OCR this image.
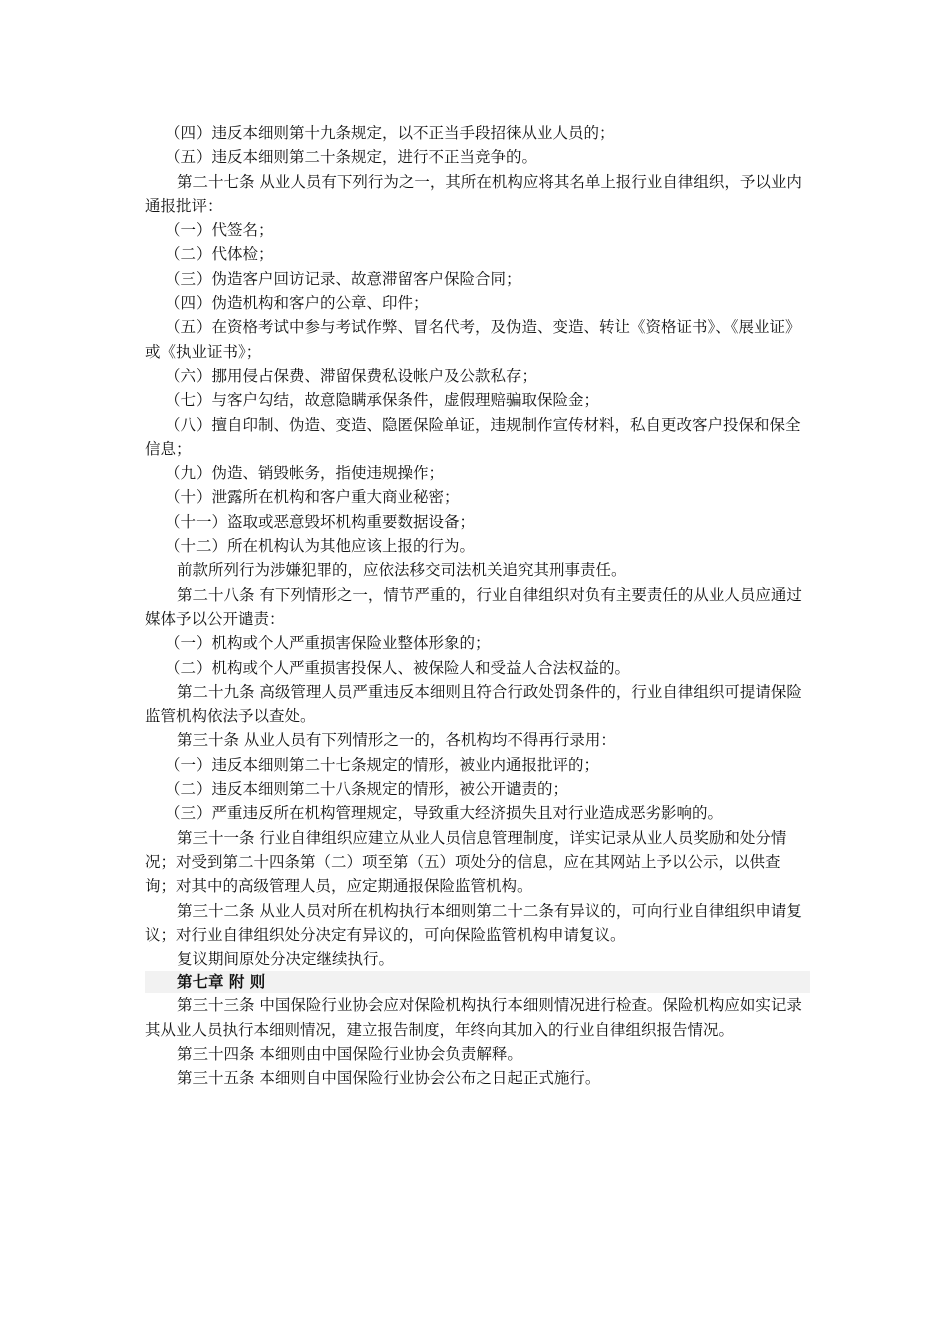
（四）违反本细则第十九条规定，以不正当手段招徕从业人员的；

（五）违反本细则第二十条规定，进行不正当竞争的。

第二十七条 从业人员有下列行为之一，其所在机构应将其名单上报行业自律组织，予以业内通报批评：

（一）代签名；

（二）代体检；

（三）伪造客户回访记录、故意滞留客户保险合同；

（四）伪造机构和客户的公章、印件；

（五）在资格考试中参与考试作弊、冒名代考，及伪造、变造、转让《资格证书》、《展业证》或《执业证书》；

（六）挪用侵占保费、滞留保费私设帐户及公款私存；

（七）与客户勾结，故意隐瞒承保条件，虚假理赔骗取保险金；

（八）擅自印制、伪造、变造、隐匿保险单证，违规制作宣传材料，私自更改客户投保和保全信息；

（九）伪造、销毁帐务，指使违规操作；

（十）泄露所在机构和客户重大商业秘密；

（十一）盗取或恶意毁坏机构重要数据设备；

（十二）所在机构认为其他应该上报的行为。

前款所列行为涉嫌犯罪的，应依法移交司法机关追究其刑事责任。

第二十八条 有下列情形之一，情节严重的，行业自律组织对负有主要责任的从业人员应通过媒体予以公开谴责：

（一）机构或个人严重损害保险业整体形象的；

（二）机构或个人严重损害投保人、被保险人和受益人合法权益的。

第二十九条 高级管理人员严重违反本细则且符合行政处罚条件的，行业自律组织可提请保险监管机构依法予以查处。

第三十条 从业人员有下列情形之一的，各机构均不得再行录用：

（一）违反本细则第二十七条规定的情形，被业内通报批评的；

（二）违反本细则第二十八条规定的情形，被公开谴责的；

（三）严重违反所在机构管理规定，导致重大经济损失且对行业造成恶劣影响的。

第三十一条 行业自律组织应建立从业人员信息管理制度，详实记录从业人员奖励和处分情况；对受到第二十四条第（二）项至第（五）项处分的信息，应在其网站上予以公示，以供查询；对其中的高级管理人员，应定期通报保险监管机构。

第三十二条 从业人员对所在机构执行本细则第二十二条有异议的，可向行业自律组织申请复议；对行业自律组织处分决定有异议的，可向保险监管机构申请复议。

复议期间原处分决定继续执行。

第七章 附 则

第三十三条 中国保险行业协会应对保险机构执行本细则情况进行检查。保险机构应如实记录其从业人员执行本细则情况，建立报告制度，年终向其加入的行业自律组织报告情况。

第三十四条 本细则由中国保险行业协会负责解释。

第三十五条 本细则自中国保险行业协会公布之日起正式施行。
